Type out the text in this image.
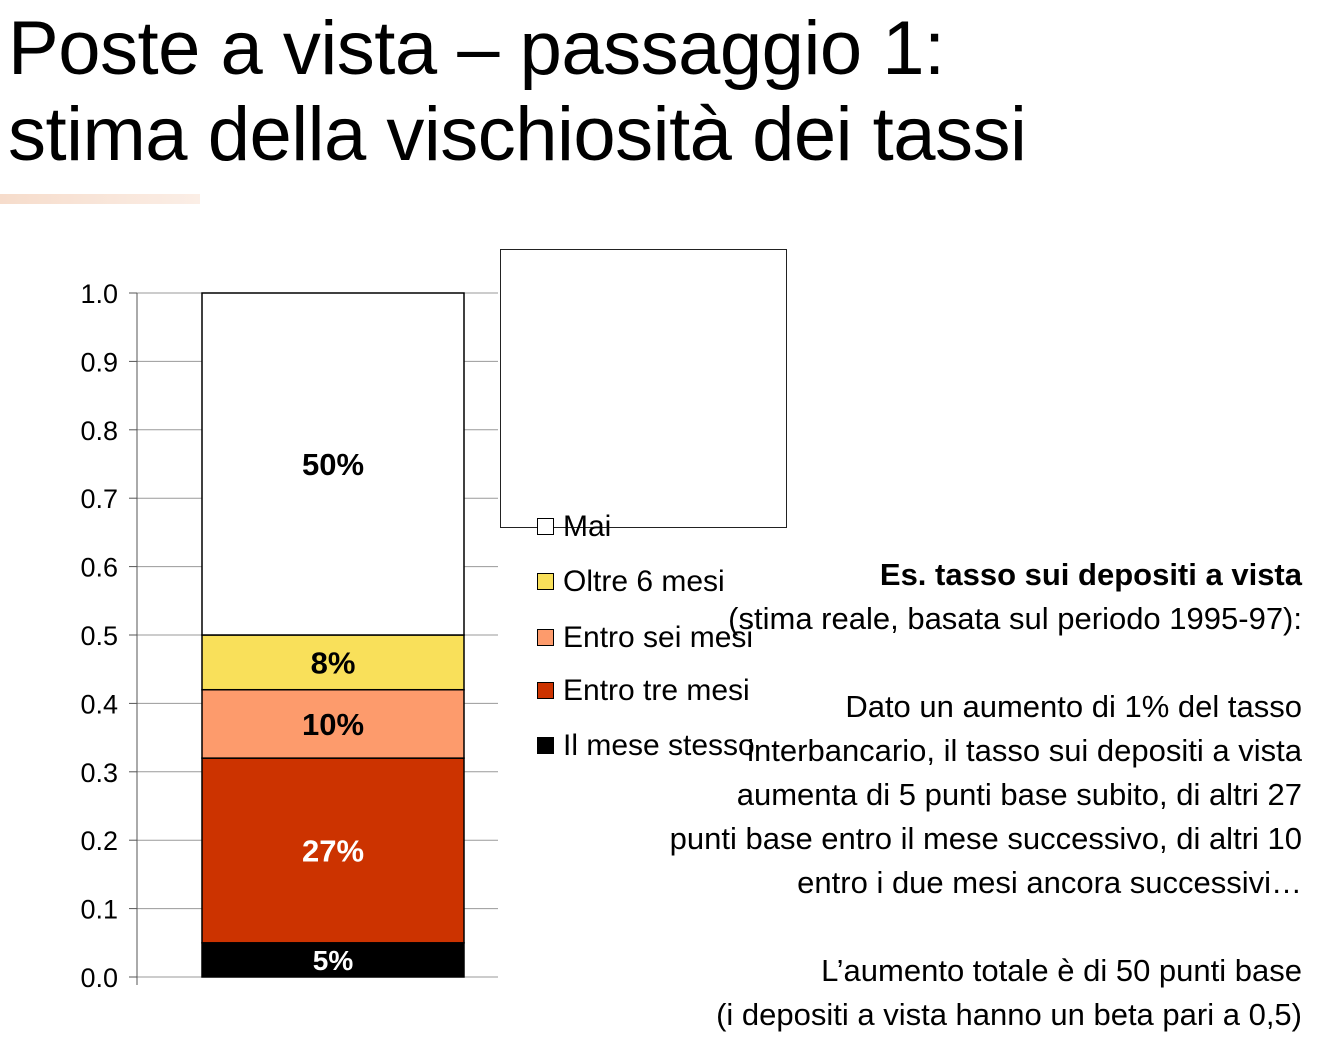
Poste a vista – passaggio 1:
stima della vischiosità dei tassi
0.0
0.1
0.2
0.3
0.4
0.5
0.6
0.7
0.8
0.9
1.0
5%
27%
10%
8%
50%
Mai
Oltre 6 mesi
Entro sei mesi
Entro tre mesi
Il mese stesso

Es. tasso sui depositi a vista

(stima reale, basata sul periodo 1995-97):

Dato un aumento di 1% del tasso

interbancario, il tasso sui depositi a vista

aumenta di 5 punti base subito, di altri 27

punti base entro il mese successivo, di altri 10

entro i due mesi ancora successivi…

L’aumento totale è di 50 punti base

(i depositi a vista hanno un beta pari a 0,5)
